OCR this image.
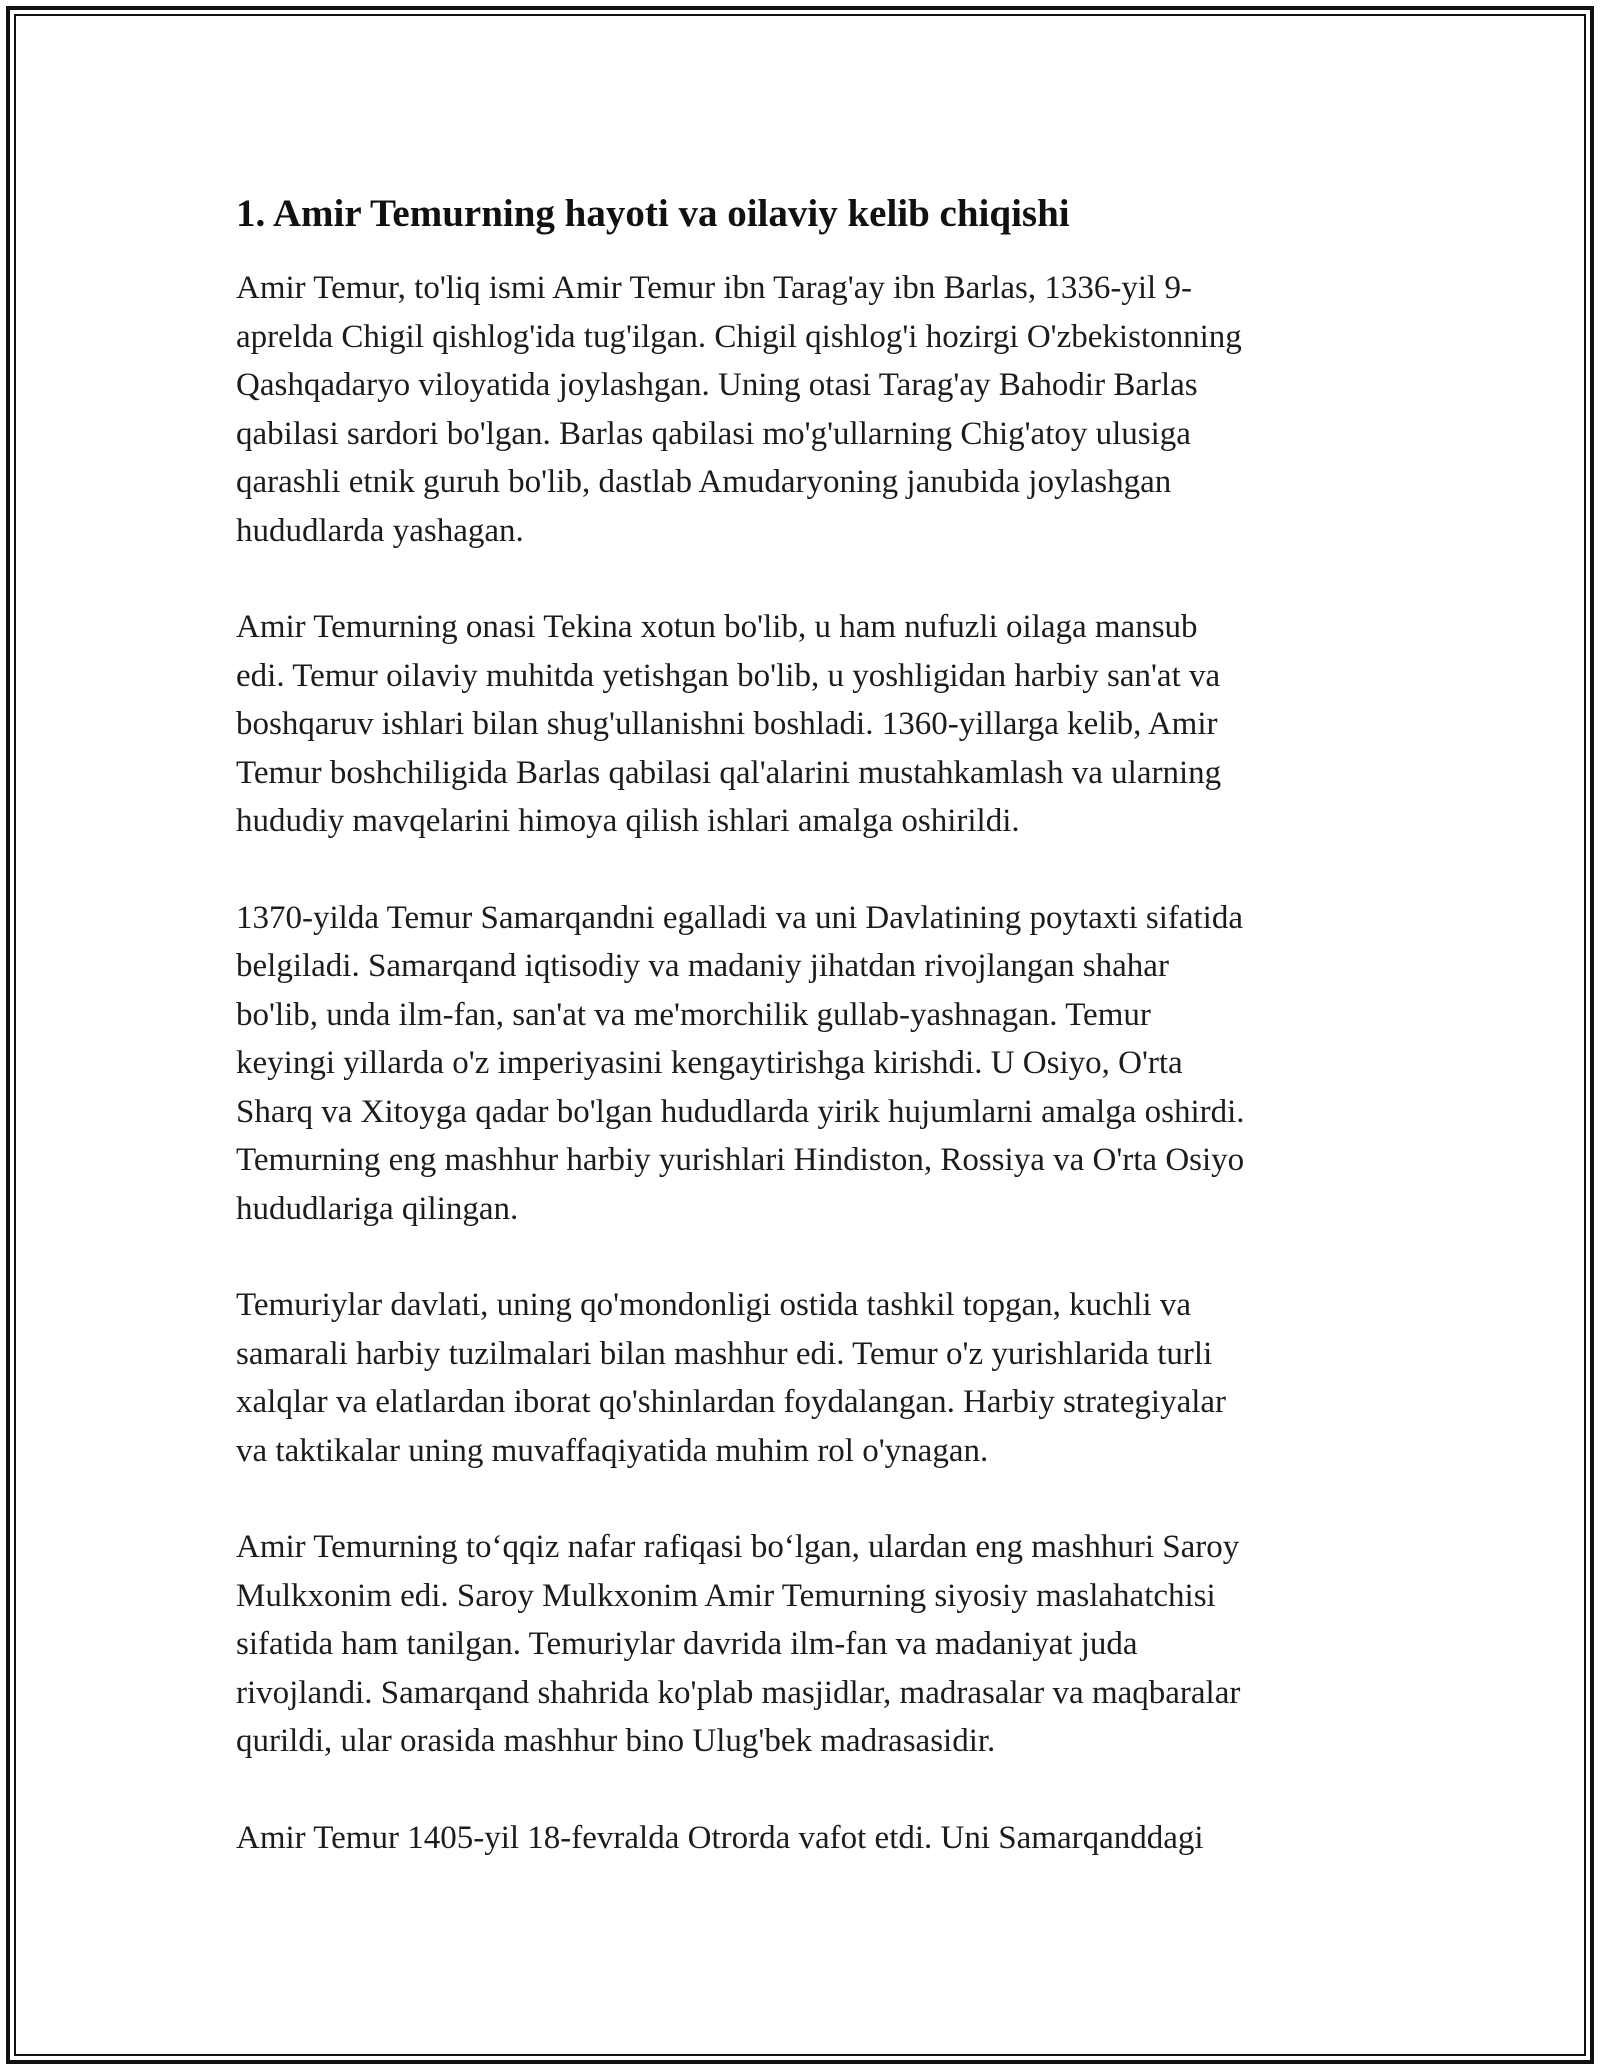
1. Amir Temurning hayoti va oilaviy kelib chiqishi

Amir Temur, to'liq ismi Amir Temur ibn Tarag'ay ibn Barlas, 1336-yil 9-
aprelda Chigil qishlog'ida tug'ilgan. Chigil qishlog'i hozirgi O'zbekistonning
Qashqadaryo viloyatida joylashgan. Uning otasi Tarag'ay Bahodir Barlas
qabilasi sardori bo'lgan. Barlas qabilasi mo'g'ullarning Chig'atoy ulusiga
qarashli etnik guruh bo'lib, dastlab Amudaryoning janubida joylashgan
hududlarda yashagan.

Amir Temurning onasi Tekina xotun bo'lib, u ham nufuzli oilaga mansub
edi. Temur oilaviy muhitda yetishgan bo'lib, u yoshligidan harbiy san'at va
boshqaruv ishlari bilan shug'ullanishni boshladi. 1360-yillarga kelib, Amir
Temur boshchiligida Barlas qabilasi qal'alarini mustahkamlash va ularning
hududiy mavqelarini himoya qilish ishlari amalga oshirildi.

1370-yilda Temur Samarqandni egalladi va uni Davlatining poytaxti sifatida
belgiladi. Samarqand iqtisodiy va madaniy jihatdan rivojlangan shahar
bo'lib, unda ilm-fan, san'at va me'morchilik gullab-yashnagan. Temur
keyingi yillarda o'z imperiyasini kengaytirishga kirishdi. U Osiyo, O'rta
Sharq va Xitoyga qadar bo'lgan hududlarda yirik hujumlarni amalga oshirdi.
Temurning eng mashhur harbiy yurishlari Hindiston, Rossiya va O'rta Osiyo
hududlariga qilingan.

Temuriylar davlati, uning qo'mondonligi ostida tashkil topgan, kuchli va
samarali harbiy tuzilmalari bilan mashhur edi. Temur o'z yurishlarida turli
xalqlar va elatlardan iborat qo'shinlardan foydalangan. Harbiy strategiyalar
va taktikalar uning muvaffaqiyatida muhim rol o'ynagan.

Amir Temurning to‘qqiz nafar rafiqasi bo‘lgan, ulardan eng mashhuri Saroy
Mulkxonim edi. Saroy Mulkxonim Amir Temurning siyosiy maslahatchisi
sifatida ham tanilgan. Temuriylar davrida ilm-fan va madaniyat juda
rivojlandi. Samarqand shahrida ko'plab masjidlar, madrasalar va maqbaralar
qurildi, ular orasida mashhur bino Ulug'bek madrasasidir.

Amir Temur 1405-yil 18-fevralda Otrorda vafot etdi. Uni Samarqanddagi
